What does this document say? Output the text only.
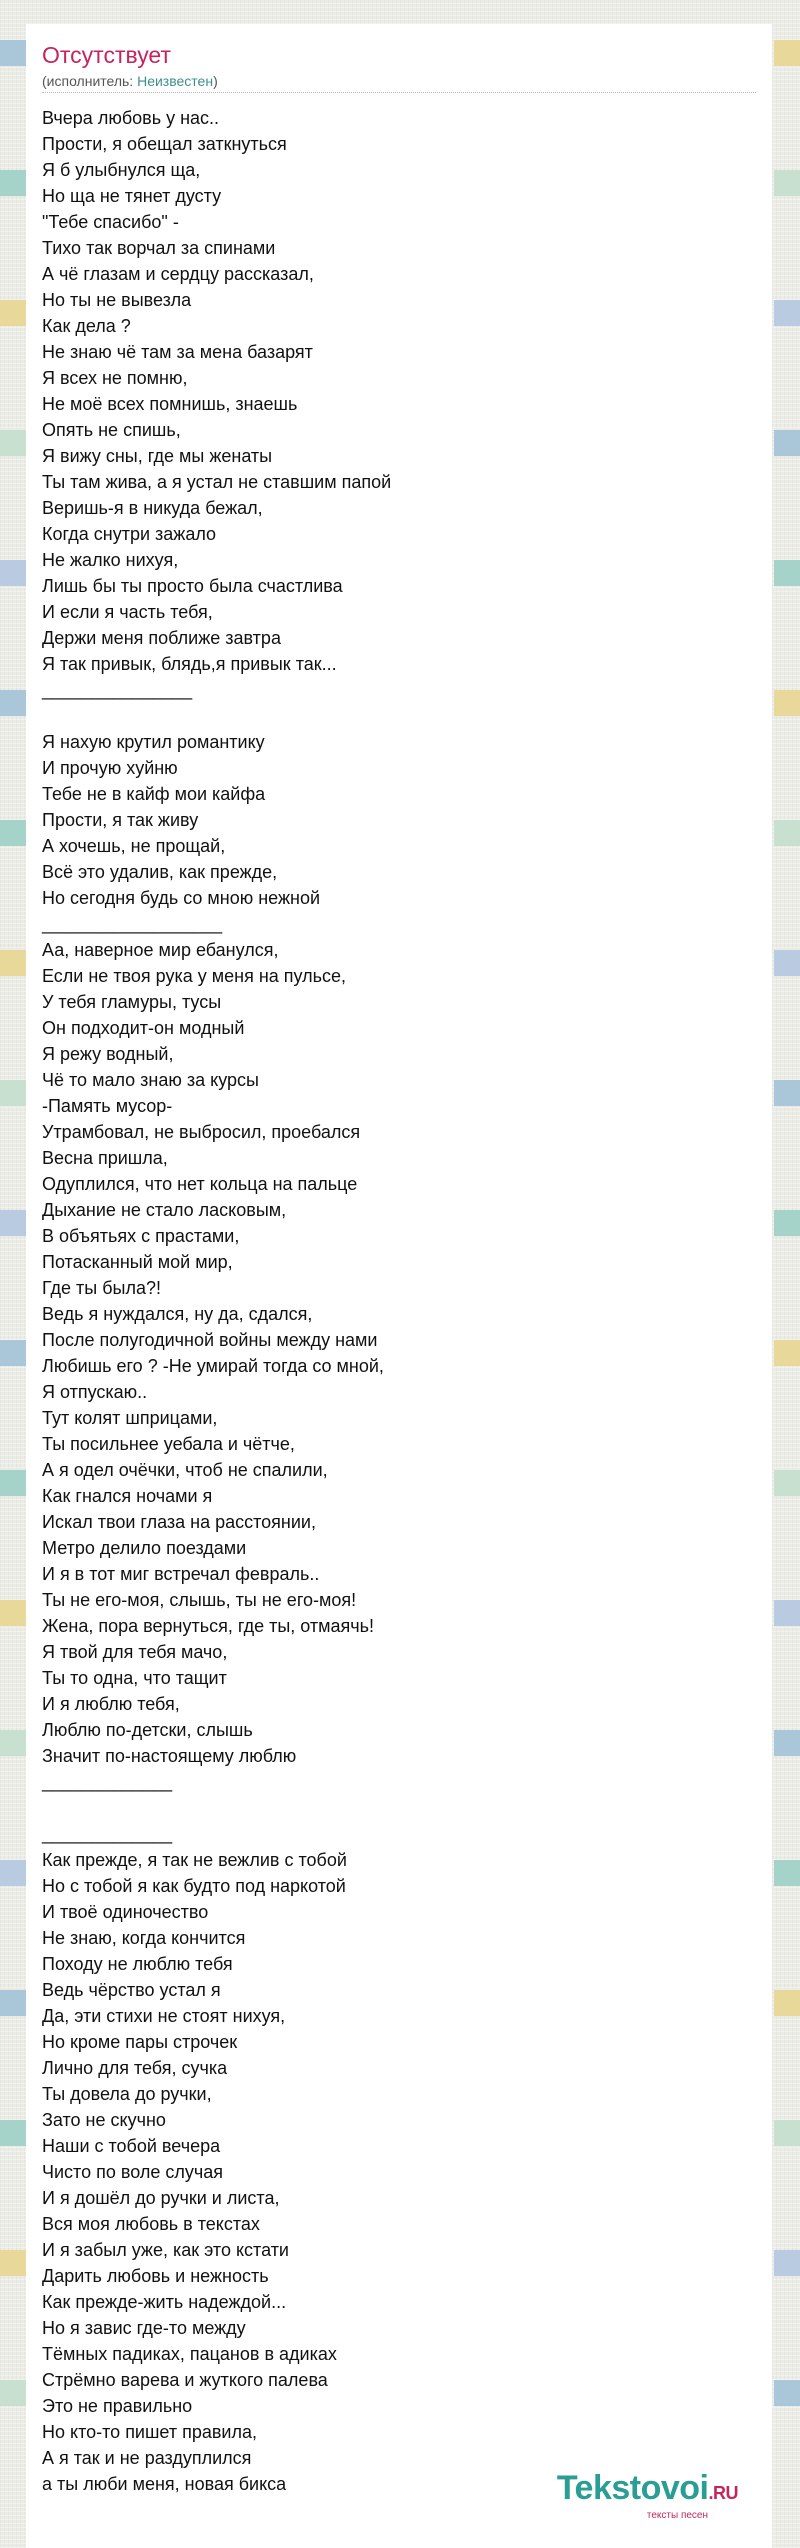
Отсутствует
(исполнитель: Неизвестен)
Вчера любовь у нас..
Прости, я обещал заткнуться
Я б улыбнулся ща,
Но ща не тянет дусту
"Тебе спасибо" -
Тихо так ворчал за спинами
А чё глазам и сердцу рассказал,
Но ты не вывезла
Как дела ?
Не знаю чё там за мена базарят
Я всех не помню,
Не моё всех помнишь, знаешь
Опять не спишь,
Я вижу сны, где мы женаты
Ты там жива, а я устал не ставшим папой
Веришь-я в никуда бежал,
Когда снутри зажало
Не жалко нихуя,
Лишь бы ты просто была счастлива
И если я часть тебя,
Держи меня поближе завтра
Я так привык, блядь,я привык так...
_______________
Я нахую крутил романтику
И прочую хуйню
Тебе не в кайф мои кайфа
Прости, я так живу
А хочешь, не прощай,
Всё это удалив, как прежде,
Но сегодня будь со мною нежной
__________________
Аа, наверное мир ебанулся,
Если не твоя рука у меня на пульсе,
У тебя гламуры, тусы
Он подходит-он модный
Я режу водный,
Чё то мало знаю за курсы
-Память мусор-
Утрамбовал, не выбросил, проебался
Весна пришла,
Одуплился, что нет кольца на пальце
Дыхание не стало ласковым,
В объятьях с прастами,
Потасканный мой мир,
Где ты была?!
Ведь я нуждался, ну да, сдался,
После полугодичной войны между нами
Любишь его ? -Не умирай тогда со мной,
Я отпускаю..
Тут колят шприцами,
Ты посильнее уебала и чётче,
А я одел очёчки, чтоб не спалили,
Как гнался ночами я
Искал твои глаза на расстоянии,
Метро делило поездами
И я в тот миг встречал февраль..
Ты не его-моя, слышь, ты не его-моя!
Жена, пора вернуться, где ты, отмаячь!
Я твой для тебя мачо,
Ты то одна, что тащит
И я люблю тебя,
Люблю по-детски, слышь
Значит по-настоящему люблю
_____________
_____________
Как прежде, я так не вежлив с тобой
Но с тобой я как будто под наркотой
И твоё одиночество
Не знаю, когда кончится
Походу не люблю тебя
Ведь чёрство устал я
Да, эти стихи не стоят нихуя,
Но кроме пары строчек
Лично для тебя, сучка
Ты довела до ручки,
Зато не скучно
Наши с тобой вечера
Чисто по воле случая
И я дошёл до ручки и листа,
Вся моя любовь в текстах
И я забыл уже, как это кстати
Дарить любовь и нежность
Как прежде-жить надеждой...
Но я завис где-то между
Тёмных падиках, пацанов в адиках
Стрёмно варева и жуткого палева
Это не правильно
Но кто-то пишет правила,
А я так и не раздуплился
а ты люби меня, новая бикса	Tekstovoi.RU
тексты песен
